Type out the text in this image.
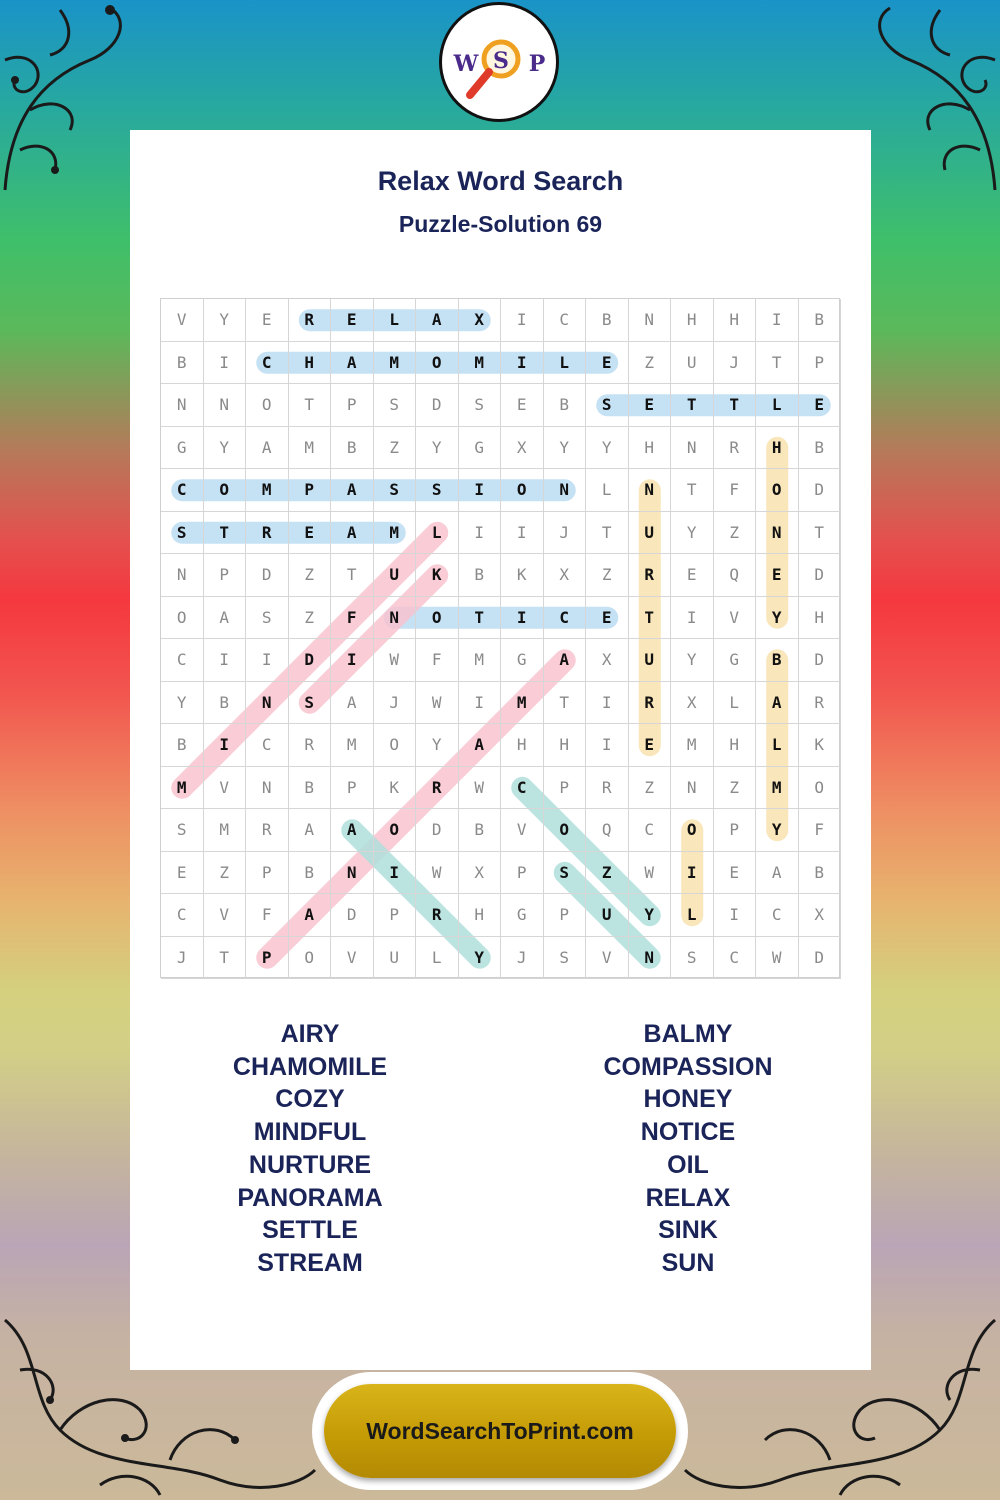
W S P
Relax Word Search
Puzzle-Solution 69
V	Y	E	R	E	L	A	X	I	C	B	N	H	H	I	B
B	I	C	H	A	M	O	M	I	L	E	Z	U	J	T	P
N	N	O	T	P	S	D	S	E	B	S	E	T	T	L	E
G	Y	A	M	B	Z	Y	G	X	Y	Y	H	N	R	H	B
C	O	M	P	A	S	S	I	O	N	L	N	T	F	O	D
S	T	R	E	A	M	L	I	I	J	T	U	Y	Z	N	T
N	P	D	Z	T	U	K	B	K	X	Z	R	E	Q	E	D
O	A	S	Z	F	N	O	T	I	C	E	T	I	V	Y	H
C	I	I	D	I	W	F	M	G	A	X	U	Y	G	B	D
Y	B	N	S	A	J	W	I	M	T	I	R	X	L	A	R
B	I	C	R	M	O	Y	A	H	H	I	E	M	H	L	K
M	V	N	B	P	K	R	W	C	P	R	Z	N	Z	M	O
S	M	R	A	A	O	D	B	V	O	Q	C	O	P	Y	F
E	Z	P	B	N	I	W	X	P	S	Z	W	I	E	A	B
C	V	F	A	D	P	R	H	G	P	U	Y	L	I	C	X
J	T	P	O	V	U	L	Y	J	S	V	N	S	C	W	D
AIRY
CHAMOMILE
COZY
MINDFUL
NURTURE
PANORAMA
SETTLE
STREAM
BALMY
COMPASSION
HONEY
NOTICE
OIL
RELAX
SINK
SUN
WordSearchToPrint.com
